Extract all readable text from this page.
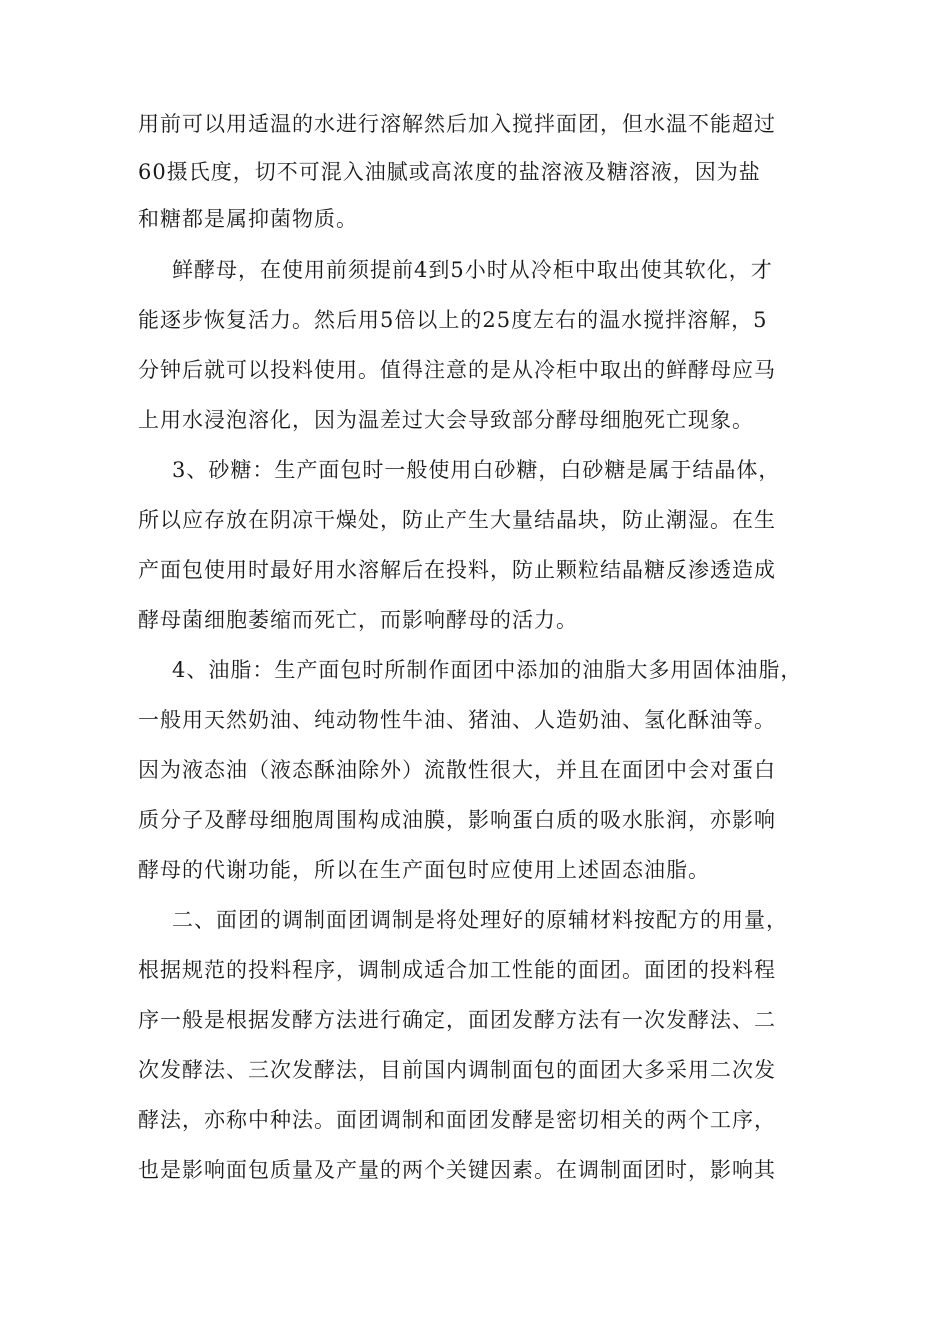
用前可以用适温的水进行溶解然后加入搅拌面团，但水温不能超过
60摄氏度，切不可混入油腻或高浓度的盐溶液及糖溶液，因为盐
和糖都是属抑菌物质。
鲜酵母，在使用前须提前4到5小时从冷柜中取出使其软化，才
能逐步恢复活力。然后用5倍以上的25度左右的温水搅拌溶解，5
分钟后就可以投料使用。值得注意的是从冷柜中取出的鲜酵母应马
上用水浸泡溶化，因为温差过大会导致部分酵母细胞死亡现象。
3、砂糖：生产面包时一般使用白砂糖，白砂糖是属于结晶体，
所以应存放在阴凉干燥处，防止产生大量结晶块，防止潮湿。在生
产面包使用时最好用水溶解后在投料，防止颗粒结晶糖反渗透造成
酵母菌细胞萎缩而死亡，而影响酵母的活力。
4、油脂：生产面包时所制作面团中添加的油脂大多用固体油脂，
一般用天然奶油、纯动物性牛油、猪油、人造奶油、氢化酥油等。
因为液态油（液态酥油除外）流散性很大，并且在面团中会对蛋白
质分子及酵母细胞周围构成油膜，影响蛋白质的吸水胀润，亦影响
酵母的代谢功能，所以在生产面包时应使用上述固态油脂。
二、面团的调制面团调制是将处理好的原辅材料按配方的用量，
根据规范的投料程序，调制成适合加工性能的面团。面团的投料程
序一般是根据发酵方法进行确定，面团发酵方法有一次发酵法、二
次发酵法、三次发酵法，目前国内调制面包的面团大多采用二次发
酵法，亦称中种法。面团调制和面团发酵是密切相关的两个工序，
也是影响面包质量及产量的两个关键因素。在调制面团时，影响其
